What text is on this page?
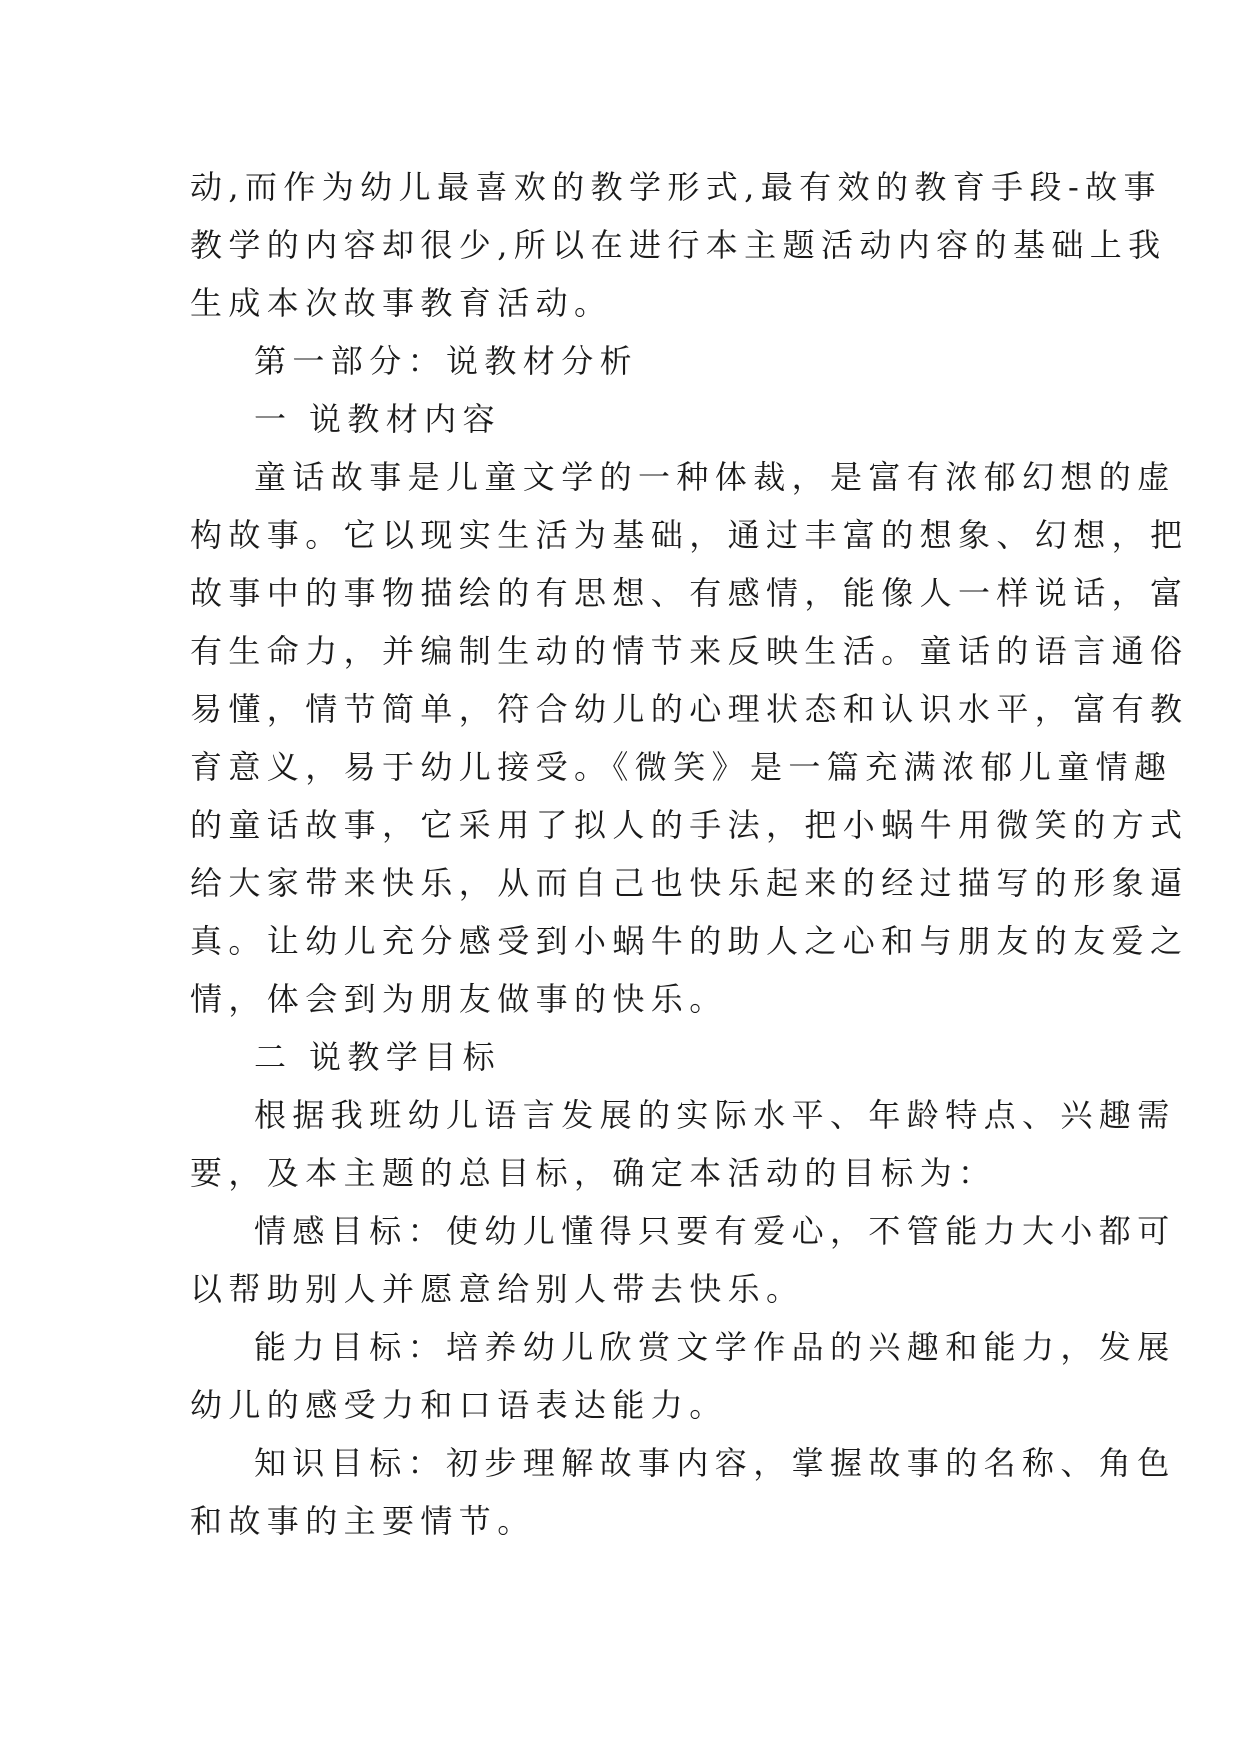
动,而作为幼儿最喜欢的教学形式,最有效的教育手段-故事
教学的内容却很少,所以在进行本主题活动内容的基础上我
生成本次故事教育活动。
第一部分：说教材分析
一 说教材内容
童话故事是儿童文学的一种体裁，是富有浓郁幻想的虚
构故事。它以现实生活为基础，通过丰富的想象、幻想，把
故事中的事物描绘的有思想、有感情，能像人一样说话，富
有生命力，并编制生动的情节来反映生活。童话的语言通俗
易懂，情节简单，符合幼儿的心理状态和认识水平，富有教
育意义，易于幼儿接受。《微笑》是一篇充满浓郁儿童情趣
的童话故事，它采用了拟人的手法，把小蜗牛用微笑的方式
给大家带来快乐，从而自己也快乐起来的经过描写的形象逼
真。让幼儿充分感受到小蜗牛的助人之心和与朋友的友爱之
情，体会到为朋友做事的快乐。
二 说教学目标
根据我班幼儿语言发展的实际水平、年龄特点、兴趣需
要，及本主题的总目标，确定本活动的目标为：
情感目标：使幼儿懂得只要有爱心，不管能力大小都可
以帮助别人并愿意给别人带去快乐。
能力目标：培养幼儿欣赏文学作品的兴趣和能力，发展
幼儿的感受力和口语表达能力。
知识目标：初步理解故事内容，掌握故事的名称、角色
和故事的主要情节。
